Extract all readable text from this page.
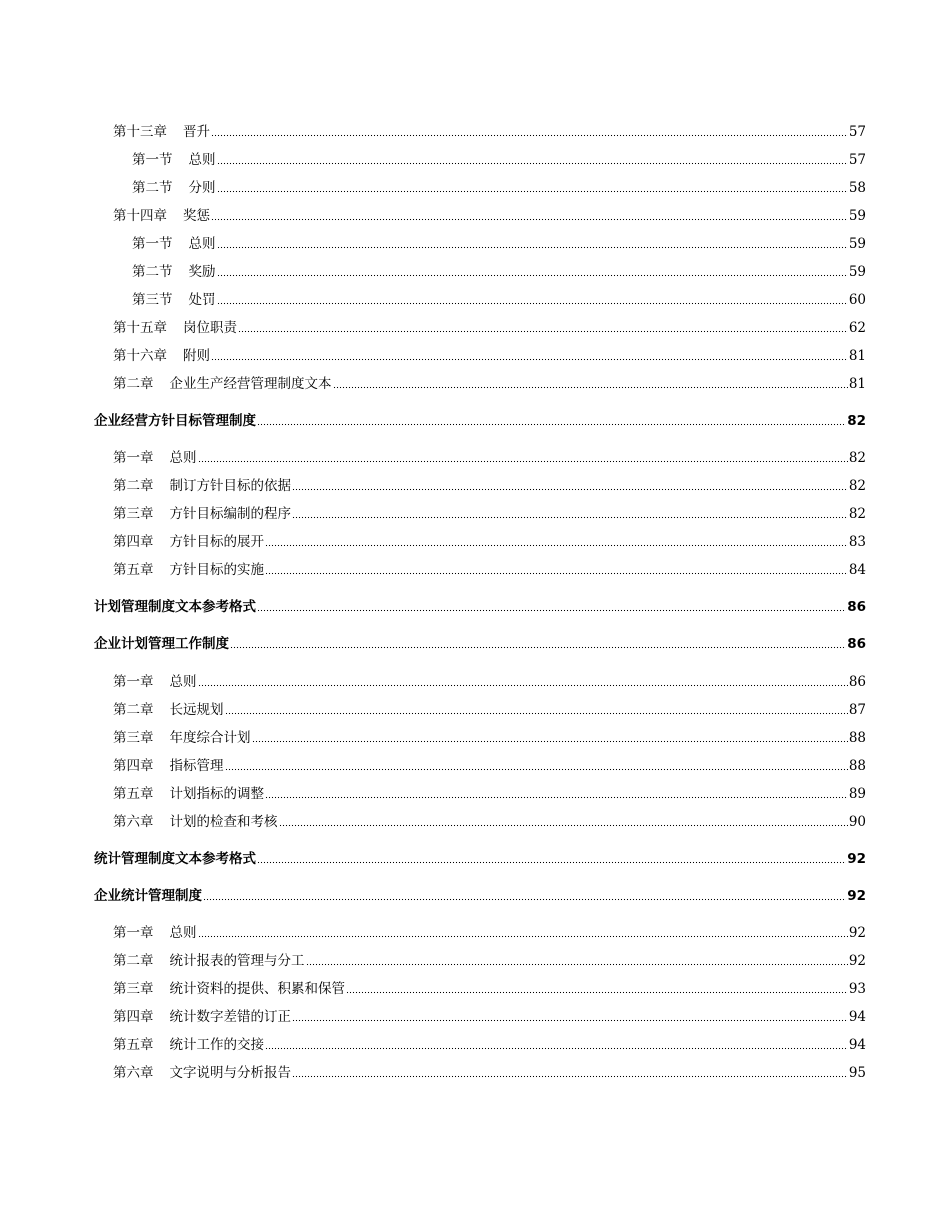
第十三章 晋升	57
第一节 总则	57
第二节 分则	58
第十四章 奖惩	59
第一节 总则	59
第二节 奖励	59
第三节 处罚	60
第十五章 岗位职责	62
第十六章 附则	81
第二章 企业生产经营管理制度文本	81
企业经营方针目标管理制度	82
第一章 总则	82
第二章 制订方针目标的依据	82
第三章 方针目标编制的程序	82
第四章 方针目标的展开	83
第五章 方针目标的实施	84
计划管理制度文本参考格式	86
企业计划管理工作制度	86
第一章 总则	86
第二章 长远规划	87
第三章 年度综合计划	88
第四章 指标管理	88
第五章 计划指标的调整	89
第六章 计划的检查和考核	90
统计管理制度文本参考格式	92
企业统计管理制度	92
第一章 总则	92
第二章 统计报表的管理与分工	92
第三章 统计资料的提供、积累和保管	93
第四章 统计数字差错的订正	94
第五章 统计工作的交接	94
第六章 文字说明与分析报告	95
